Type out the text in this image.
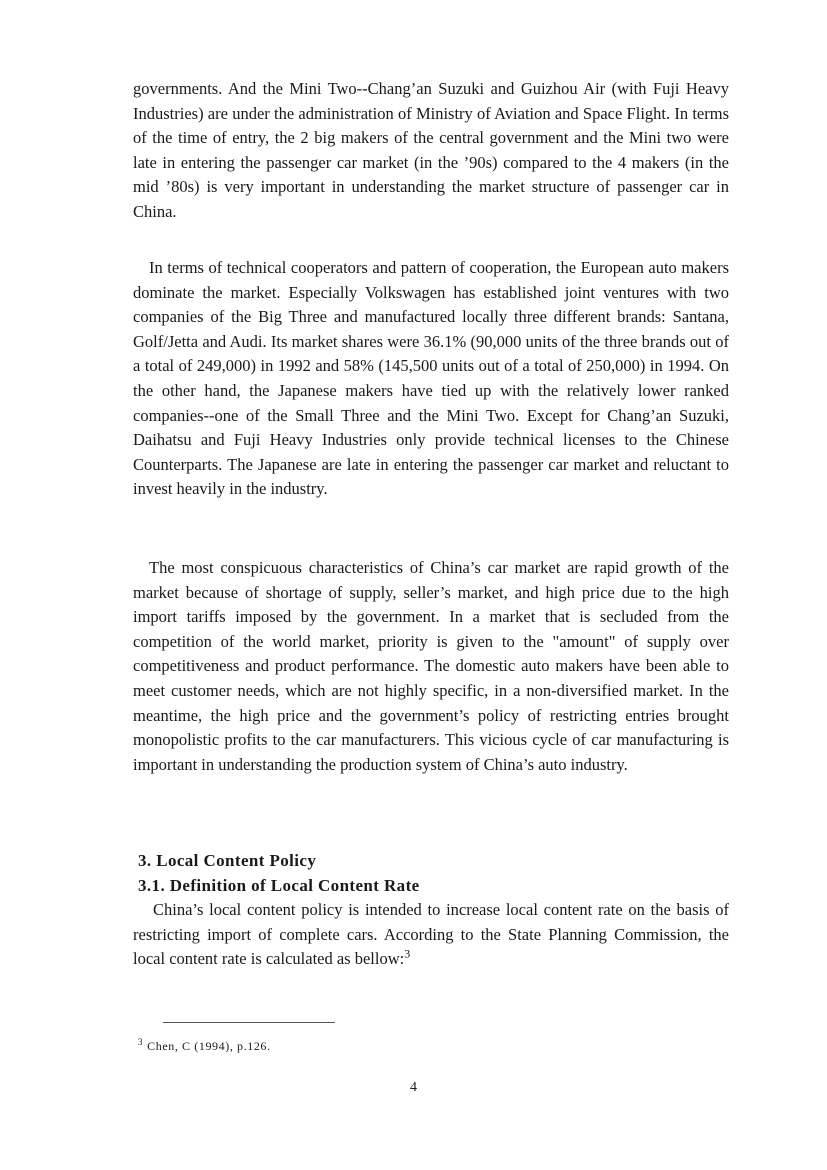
governments. And the Mini Two--Chang’an Suzuki and Guizhou Air (with Fuji Heavy Industries) are under the administration of Ministry of Aviation and Space Flight. In terms of the time of entry, the 2 big makers of the central government and the Mini two were late in entering the passenger car market (in the ’90s) compared to the 4 makers (in the mid ’80s) is very important in understanding the market structure of passenger car in China.

In terms of technical cooperators and pattern of cooperation, the European auto makers dominate the market. Especially Volkswagen has established joint ventures with two companies of the Big Three and manufactured locally three different brands: Santana, Golf/Jetta and Audi. Its market shares were 36.1% (90,000 units of the three brands out of a total of 249,000) in 1992 and 58% (145,500 units out of a total of 250,000) in 1994. On the other hand, the Japanese makers have tied up with the relatively lower ranked companies--one of the Small Three and the Mini Two. Except for Chang’an Suzuki, Daihatsu and Fuji Heavy Industries only provide technical licenses to the Chinese Counterparts. The Japanese are late in entering the passenger car market and reluctant to invest heavily in the industry.

The most conspicuous characteristics of China’s car market are rapid growth of the market because of shortage of supply, seller’s market, and high price due to the high import tariffs imposed by the government. In a market that is secluded from the competition of the world market, priority is given to the "amount" of supply over competitiveness and product performance. The domestic auto makers have been able to meet customer needs, which are not highly specific, in a non-diversified market. In the meantime, the high price and the government’s policy of restricting entries brought monopolistic profits to the car manufacturers. This vicious cycle of car manufacturing is important in understanding the production system of China’s auto industry.

3. Local Content Policy
3.1. Definition of Local Content Rate

China’s local content policy is intended to increase local content rate on the basis of restricting import of complete cars. According to the State Planning Commission, the local content rate is calculated as bellow:$^3$

$^3$ Chen, C (1994), p.126.
4
